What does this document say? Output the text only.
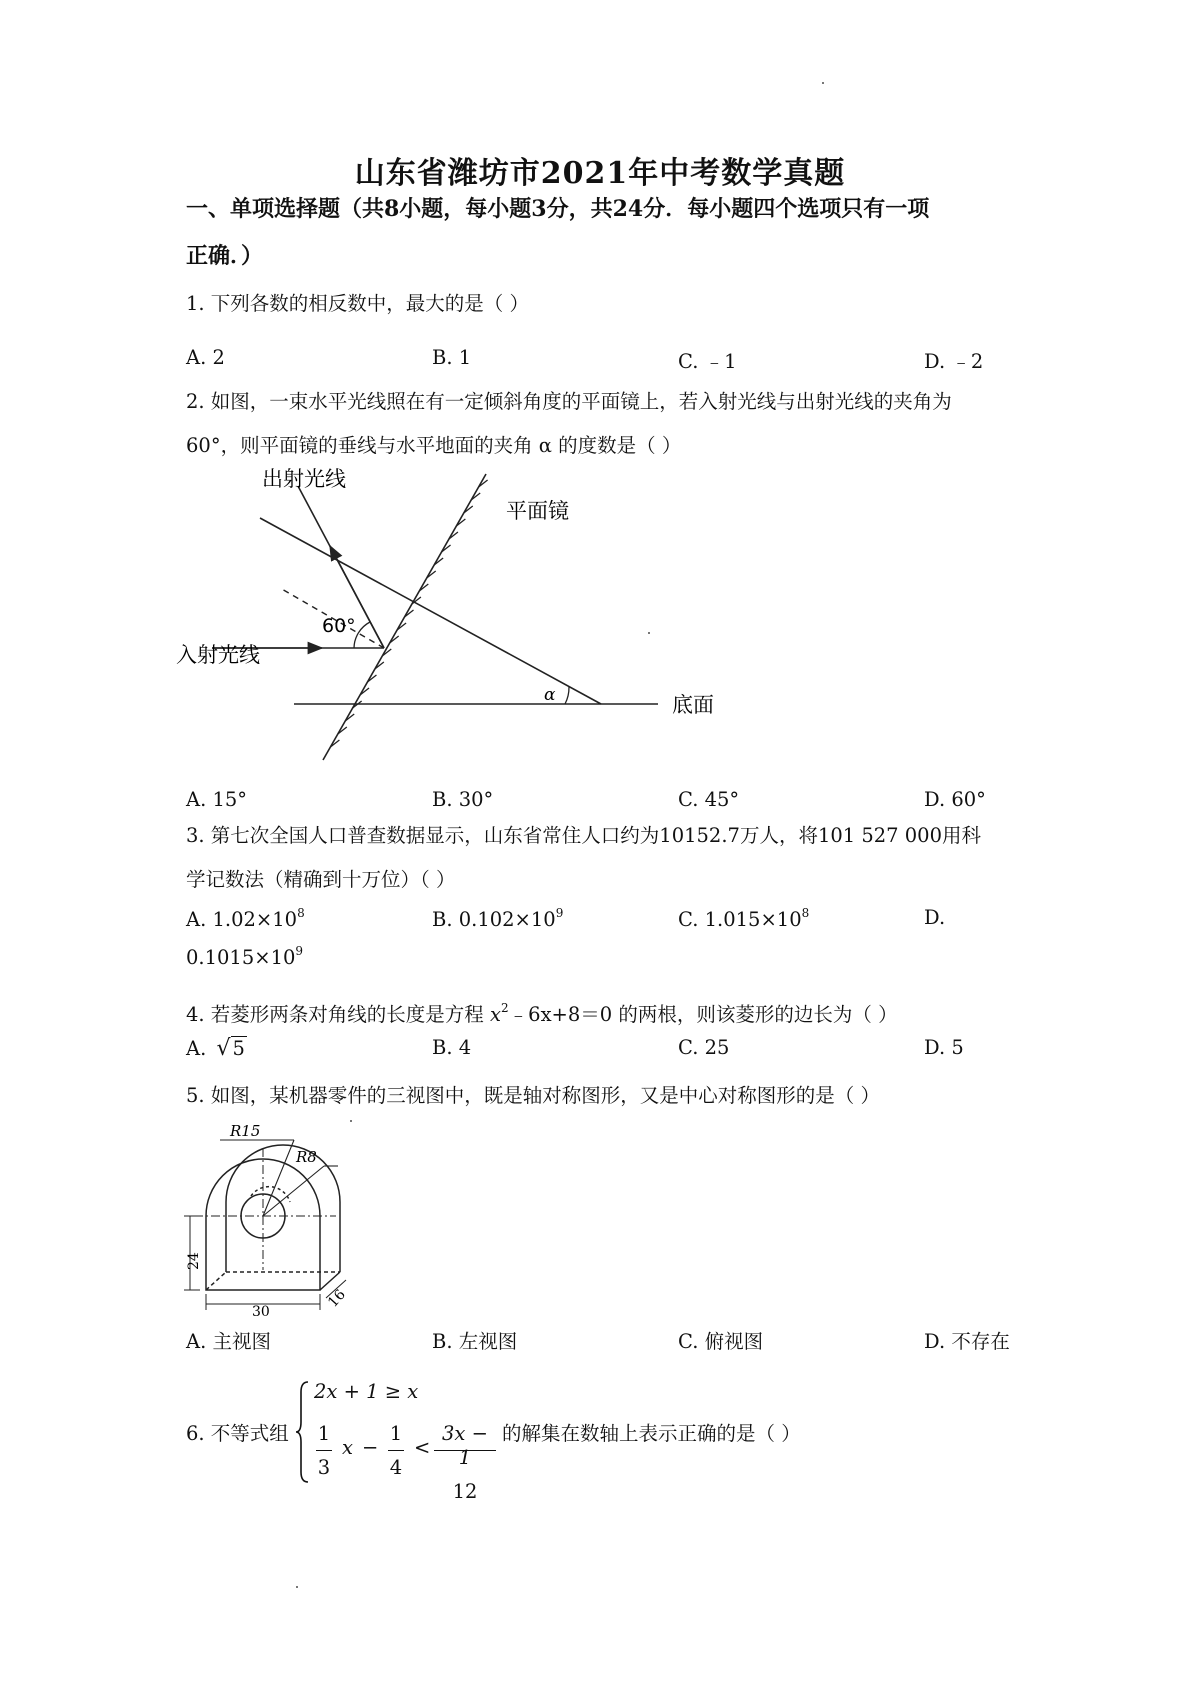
山东省潍坊市2021年中考数学真题
一、单项选择题（共8小题，每小题3分，共24分．每小题四个选项只有一项
正确．）
1. 下列各数的相反数中，最大的是（ ）
A. 2	B. 1	C. ﹣1	D. ﹣2
2. 如图，一束水平光线照在有一定倾斜角度的平面镜上，若入射光线与出射光线的夹角为
60°，则平面镜的垂线与水平地面的夹角 α 的度数是（ ）
出射光线
平面镜
入射光线
底面
60°
α
A. 15°	B. 30°	C. 45°	D. 60°
3. 第七次全国人口普查数据显示，山东省常住人口约为10152.7万人，将101 527 000用科
学记数法（精确到十万位）（ ）
A. $1.02\times 10^8$	B. $0.102\times 10^9$	C. $1.015\times 10^8$	D.
$0.1015\times 10^9$
4. 若菱形两条对角线的长度是方程 $x^2﹣6x+8=0$ 的两根，则该菱形的边长为（ ）
A. √ 5	B. 4	C. 25	D. 5
5. 如图，某机器零件的三视图中，既是轴对称图形，又是中心对称图形的是（ ）
R15
R8
24
30
16
A. 主视图	B. 左视图	C. 俯视图	D. 不存在
6. 不等式组
2x + 1 ≥ x
1
3
x −
1
4
<
3x − 1
12
的解集在数轴上表示正确的是（ ）
